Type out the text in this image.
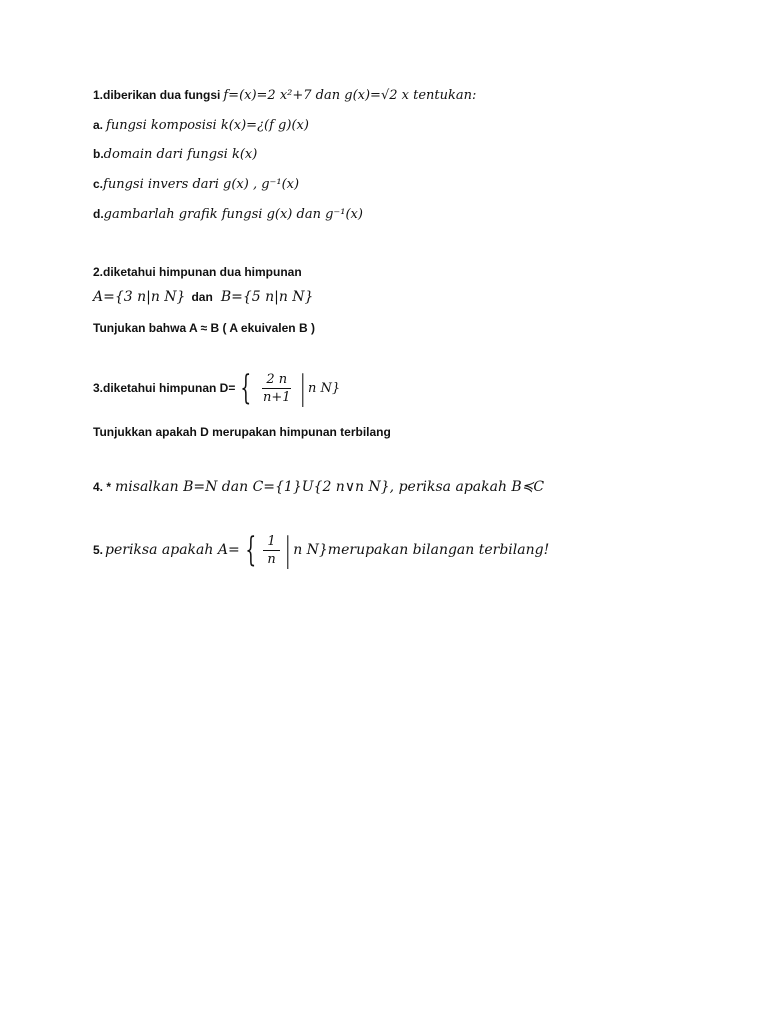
1.diberikan dua fungsi f=(x)=2 x²+7 dan g(x)=√2 x tentukan:
a. fungsi komposisi k(x)=¿(f g)(x)
b. domain dari fungsi k(x)
c. fungsi invers dari g(x) , g⁻¹(x)
d. gambarlah grafik fungsi g(x) dan g⁻¹(x)
2.diketahui himpunan dua himpunan
A={3 n|n N} dan B={5 n|n N}
Tunjukan bahwa A ≈ B ( A ekuivalen B )
3.diketahui himpunan D= { $\frac{2 n}{n+1}$ | n N}
Tunjukkan apakah D merupakan himpunan terbilang
4. * misalkan B=N dan C={1}U{2 n∨n N}, periksa apakah B≼C
5. periksa apakah A= { $\frac{1}{n}$ | n N}merupakan bilangan terbilang!
